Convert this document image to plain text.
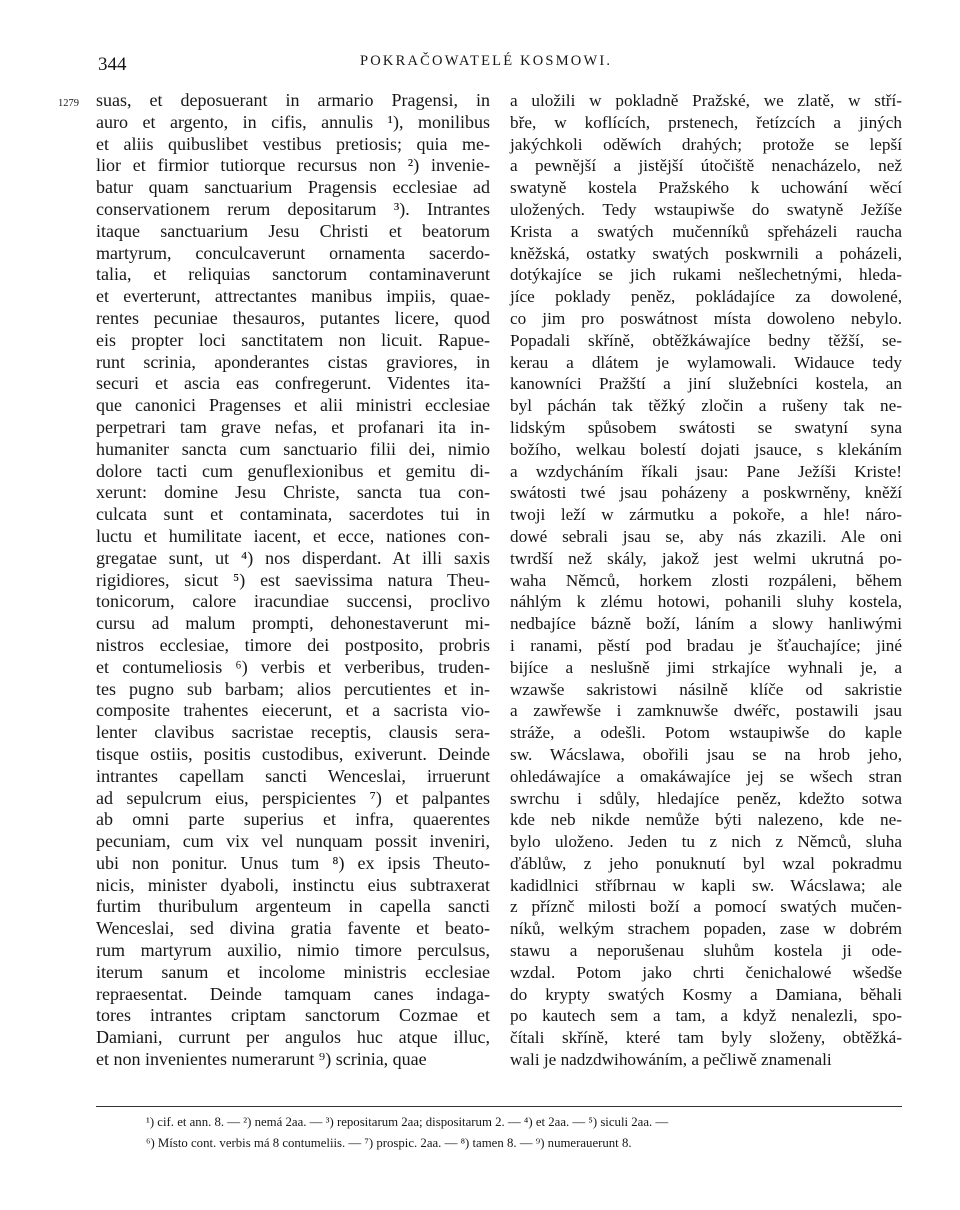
344	POKRAČOWATELÉ KOSMOWI.
1279 suas, et deposuerant in armario Pragensi, in
auro et argento, in cifis, annulis ¹), monilibus
et aliis quibuslibet vestibus pretiosis; quia me-
lior et firmior tutiorque recursus non ²) invenie-
batur quam sanctuarium Pragensis ecclesiae ad
conservationem rerum depositarum ³). Intrantes
itaque sanctuarium Jesu Christi et beatorum
martyrum, conculcaverunt ornamenta sacerdo-
talia, et reliquias sanctorum contaminaverunt
et everterunt, attrectantes manibus impiis, quae-
rentes pecuniae thesauros, putantes licere, quod
eis propter loci sanctitatem non licuit. Rapue-
runt scrinia, aponderantes cistas graviores, in
securi et ascia eas confregerunt. Videntes ita-
que canonici Pragenses et alii ministri ecclesiae
perpetrari tam grave nefas, et profanari ita in-
humaniter sancta cum sanctuario filii dei, nimio
dolore tacti cum genuflexionibus et gemitu di-
xerunt: domine Jesu Christe, sancta tua con-
culcata sunt et contaminata, sacerdotes tui in
luctu et humilitate iacent, et ecce, nationes con-
gregatae sunt, ut ⁴) nos disperdant. At illi saxis
rigidiores, sicut ⁵) est saevissima natura Theu-
tonicorum, calore iracundiae succensi, proclivo
cursu ad malum prompti, dehonestaverunt mi-
nistros ecclesiae, timore dei postposito, probris
et contumeliosis ⁶) verbis et verberibus, truden-
tes pugno sub barbam; alios percutientes et in-
composite trahentes eiecerunt, et a sacrista vio-
lenter clavibus sacristae receptis, clausis sera-
tisque ostiis, positis custodibus, exiverunt. Deinde
intrantes capellam sancti Wenceslai, irruerunt
ad sepulcrum eius, perspicientes ⁷) et palpantes
ab omni parte superius et infra, quaerentes
pecuniam, cum vix vel nunquam possit inveniri,
ubi non ponitur. Unus tum ⁸) ex ipsis Theuto-
nicis, minister dyaboli, instinctu eius subtraxerat
furtim thuribulum argenteum in capella sancti
Wenceslai, sed divina gratia favente et beato-
rum martyrum auxilio, nimio timore perculsus,
iterum sanum et incolome ministris ecclesiae
repraesentat. Deinde tamquam canes indaga-
tores intrantes criptam sanctorum Cozmae et
Damiani, currunt per angulos huc atque illuc,
et non invenientes numerarunt ⁹) scrinia, quae
a uložili w pokladně Pražské, we zlatě, w stří-
bře, w koflících, prstenech, řetízcích a jiných
jakýchkoli oděwích drahých; protože se lepší
a pewnější a jistější útočiště nenacházelo, než
swatyně kostela Pražského k uchowání wěcí
uložených. Tedy wstaupiwše do swatyně Ježíše
Krista a swatých mučenníků spřeházeli raucha
kněžská, ostatky swatých poskwrnili a poházeli,
dotýkajíce se jich rukami nešlechetnými, hleda-
jíce poklady peněz, pokládajíce za dowolené,
co jim pro poswátnost místa dowoleno nebylo.
Popadali skříně, obtěžkáwajíce bedny těžší, se-
kerau a dlátem je wylamowali. Widauce tedy
kanowníci Pražští a jiní služebníci kostela, an
byl páchán tak těžký zločin a rušeny tak ne-
lidským spůsobem swátosti se swatyní syna
božího, welkau bolestí dojati jsauce, s klekáním
a wzdycháním říkali jsau: Pane Ježíši Kriste!
swátosti twé jsau poházeny a poskwrněny, kněží
twoji leží w zármutku a pokoře, a hle! náro-
dowé sebrali jsau se, aby nás zkazili. Ale oni
twrdší než skály, jakož jest welmi ukrutná po-
waha Němců, horkem zlosti rozpáleni, během
náhlým k zlému hotowi, pohanili sluhy kostela,
nedbajíce bázně boží, láním a slowy hanliwými
i ranami, pěstí pod bradau je šťauchajíce; jiné
bijíce a neslušně jimi strkajíce wyhnali je, a
wzawše sakristowi násilně klíče od sakristie
a zawřewše i zamknuwše dwéřc, postawili jsau
stráže, a odešli. Potom wstaupiwše do kaple
sw. Wácslawa, obořili jsau se na hrob jeho,
ohledáwajíce a omakáwajíce jej se wšech stran
swrchu i sdůly, hledajíce peněz, kdežto sotwa
kde neb nikde nemůže býti nalezeno, kde ne-
bylo uloženo. Jeden tu z nich z Němců, sluha
ďáblůw, z jeho ponuknutí byl wzal pokradmu
kadidlnici stříbrnau w kapli sw. Wácslawa; ale
z příznč milosti boží a pomocí swatých mučen-
níků, welkým strachem popaden, zase w dobrém
stawu a neporušenau sluhům kostela ji ode-
wzdal. Potom jako chrti čenichalowé wšedše
do krypty swatých Kosmy a Damiana, běhali
po kautech sem a tam, a když nenalezli, spo-
čítali skříně, které tam byly složeny, obtěžká-
wali je nadzdwihowáním, a pečliwě znamenali
¹) cif. et ann. 8. — ²) nemá 2aa. — ³) repositarum 2aa; dispositarum 2. — ⁴) et 2aa. — ⁵) siculi 2aa. —
⁶) Místo cont. verbis má 8 contumeliis. — ⁷) prospic. 2aa. — ⁸) tamen 8. — ⁹) numerauerunt 8.
